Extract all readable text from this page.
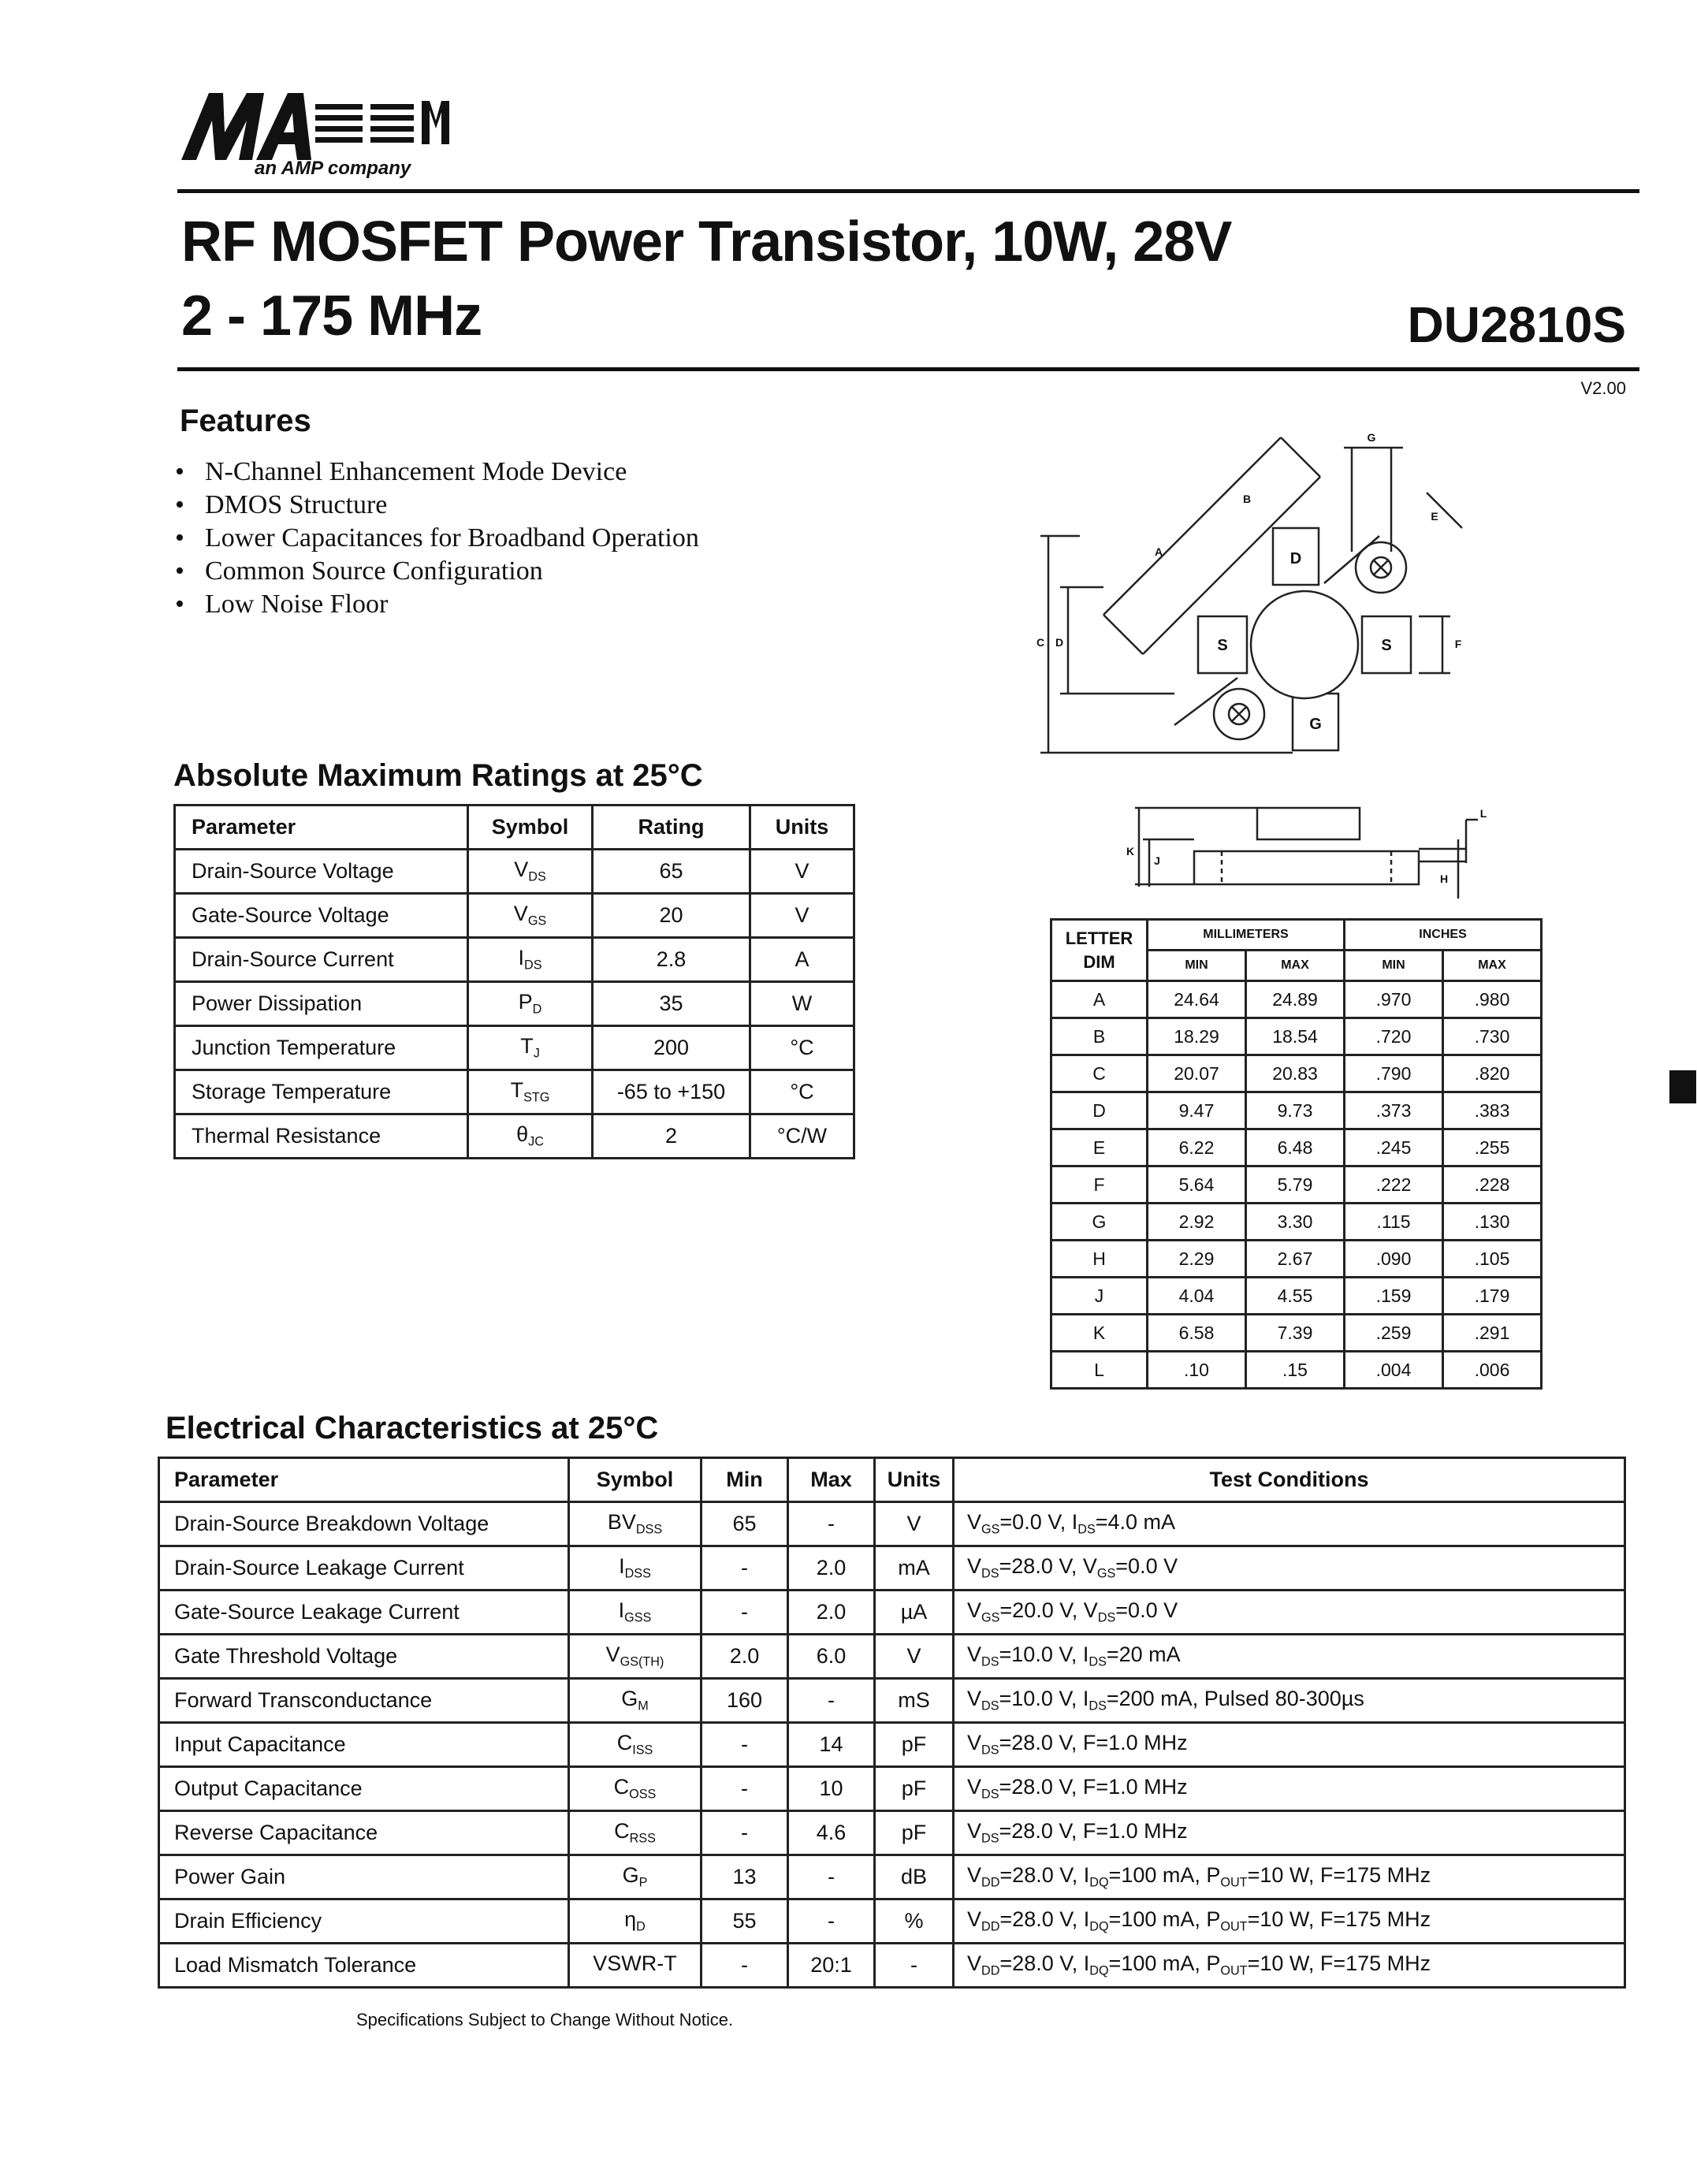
an AMP company
RF MOSFET Power Transistor, 10W, 28V
2 - 175 MHz	DU2810S
V2.00
Features
• N-Channel Enhancement Mode Device
• DMOS Structure
• Lower Capacitances for Broadband Operation
• Common Source Configuration
• Low Noise Floor
D
S	S
G
A
B
C D
E
F
G
K
J
H
L
Absolute Maximum Ratings at 25°C
Parameter	Symbol	Rating	Units
Drain-Source Voltage	$V_{DS}$	65	V
Gate-Source Voltage	$V_{GS}$	20	V
Drain-Source Current	$I_{DS}$	2.8	A
Power Dissipation	$P_D$	35	W
Junction Temperature	$T_J$	200	°C
Storage Temperature	$T_{STG}$	-65 to +150	°C
Thermal Resistance	$\theta_{JC}$	2	°C/W
LETTER
DIM	MILLIMETERS		INCHES	
	MIN	MAX	MIN	MAX
A	24.64	24.89	.970	.980
B	18.29	18.54	.720	.730
C	20.07	20.83	.790	.820
D	9.47	9.73	.373	.383
E	6.22	6.48	.245	.255
F	5.64	5.79	.222	.228
G	2.92	3.30	.115	.130
H	2.29	2.67	.090	.105
J	4.04	4.55	.159	.179
K	6.58	7.39	.259	.291
L	.10	.15	.004	.006
Electrical Characteristics at 25°C
Parameter	Symbol	Min	Max	Units	Test Conditions
Drain-Source Breakdown Voltage	$BV_{DSS}$	65	-	V	$V_{GS}=0.0$ V, $I_{DS}=4.0$ mA
Drain-Source Leakage Current	$I_{DSS}$	-	2.0	mA	$V_{DS}=28.0$ V, $V_{GS}=0.0$ V
Gate-Source Leakage Current	$I_{GSS}$	-	2.0	µA	$V_{GS}=20.0$ V, $V_{DS}=0.0$ V
Gate Threshold Voltage	$V_{GS(TH)}$	2.0	6.0	V	$V_{DS}=10.0$ V, $I_{DS}=20$ mA
Forward Transconductance	$G_M$	160	-	mS	$V_{DS}=10.0$ V, $I_{DS}=200$ mA, Pulsed 80-300µs
Input Capacitance	$C_{ISS}$	-	14	pF	$V_{DS}=28.0$ V, F=1.0 MHz
Output Capacitance	$C_{OSS}$	-	10	pF	$V_{DS}=28.0$ V, F=1.0 MHz
Reverse Capacitance	$C_{RSS}$	-	4.6	pF	$V_{DS}=28.0$ V, F=1.0 MHz
Power Gain	$G_P$	13	-	dB	$V_{DD}=28.0$ V, $I_{DQ}=100$ mA, $P_{OUT}=10$ W, F=175 MHz
Drain Efficiency	$\eta_D$	55	-	%	$V_{DD}=28.0$ V, $I_{DQ}=100$ mA, $P_{OUT}=10$ W, F=175 MHz
Load Mismatch Tolerance	VSWR-T	-	20:1	-	$V_{DD}=28.0$ V, $I_{DQ}=100$ mA, $P_{OUT}=10$ W, F=175 MHz
Specifications Subject to Change Without Notice.
